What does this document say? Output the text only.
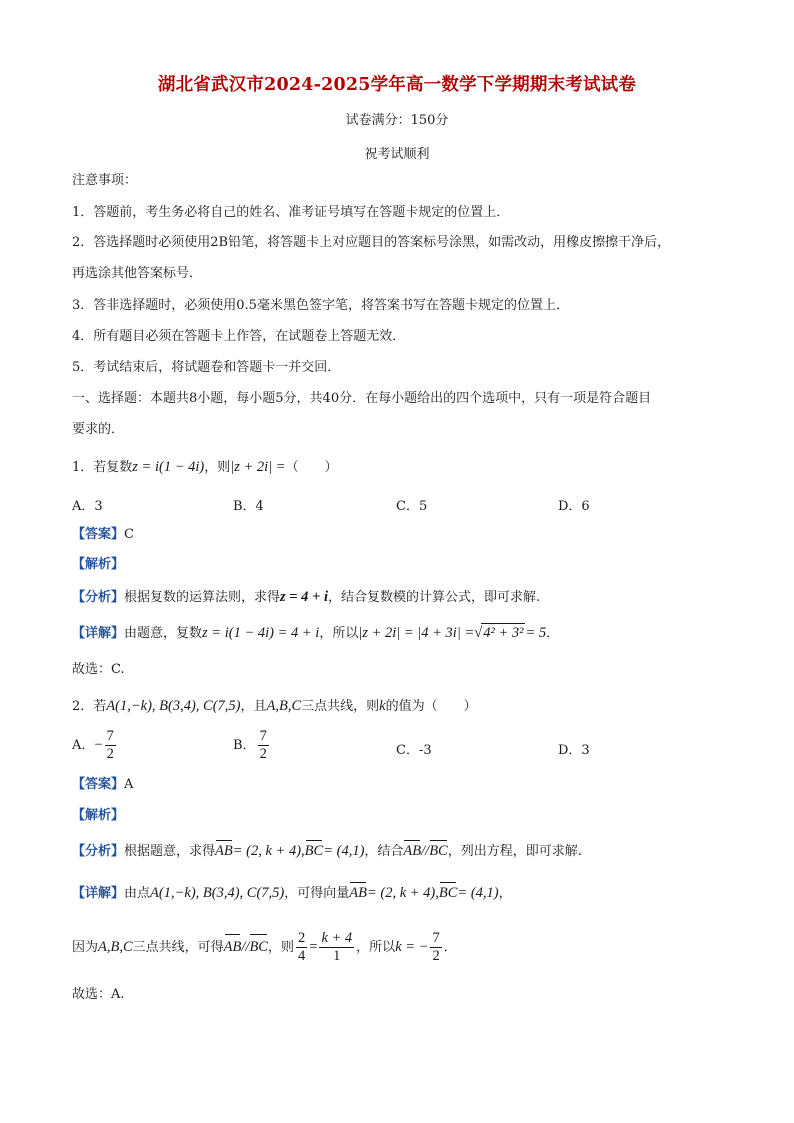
湖北省武汉市2024-2025学年高一数学下学期期末考试试卷
试卷满分：150分
祝考试顺利
注意事项：
1．答题前，考生务必将自己的姓名、准考证号填写在答题卡规定的位置上．
2．答选择题时必须使用2B铅笔，将答题卡上对应题目的答案标号涂黑，如需改动，用橡皮擦擦干净后，
再选涂其他答案标号．
3．答非选择题时，必须使用0.5毫米黑色签字笔，将答案书写在答题卡规定的位置上．
4．所有题目必须在答题卡上作答，在试题卷上答题无效．
5．考试结束后，将试题卷和答题卡一并交回．
一、选择题：本题共8小题，每小题5分，共40分．在每小题给出的四个选项中，只有一项是符合题目
要求的．
1．若复数z = i(1 − 4i)，则|z + 2i| =（　　）
A．3	B．4	C．5	D．6
【答案】C
【解析】
【分析】根据复数的运算法则，求得z = 4 + i，结合复数模的计算公式，即可求解.
【详解】由题意，复数z = i(1 − 4i) = 4 + i，所以|z + 2i| = |4 + 3i| =√4² + 3² = 5．
故选：C.
2．若A(1,−k), B(3,4), C(7,5)，且A,B,C三点共线，则k的值为（　　）
A．− $\frac{7}{2}$	B． $\frac{7}{2}$	C．-3	D．3
【答案】A
【解析】
【分析】根据题意，求得AB= (2, k + 4),BC= (4,1)，结合AB//BC，列出方程，即可求解.
【详解】由点A(1,−k), B(3,4), C(7,5)，可得向量AB= (2, k + 4),BC= (4,1)，
因为A,B,C三点共线，可得AB//BC，则 $\frac{2}{4} = \frac{k + 4}{1}$ ，所以k = − $\frac{7}{2}$ ．
故选：A.
